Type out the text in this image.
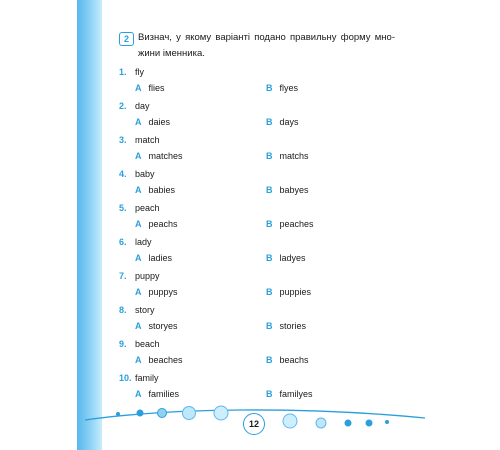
2 Визнач, у якому варіанті подано правильну форму множини іменника.
1. fly
A flies	B flyes
2. day
A daies	B days
3. match
A matches	B matchs
4. baby
A babies	B babyes
5. peach
A peachs	B peaches
6. lady
A ladies	B ladyes
7. puppy
A puppys	B puppies
8. story
A storyes	B stories
9. beach
A beaches	B beachs
10. family
A families	B familyes
12
